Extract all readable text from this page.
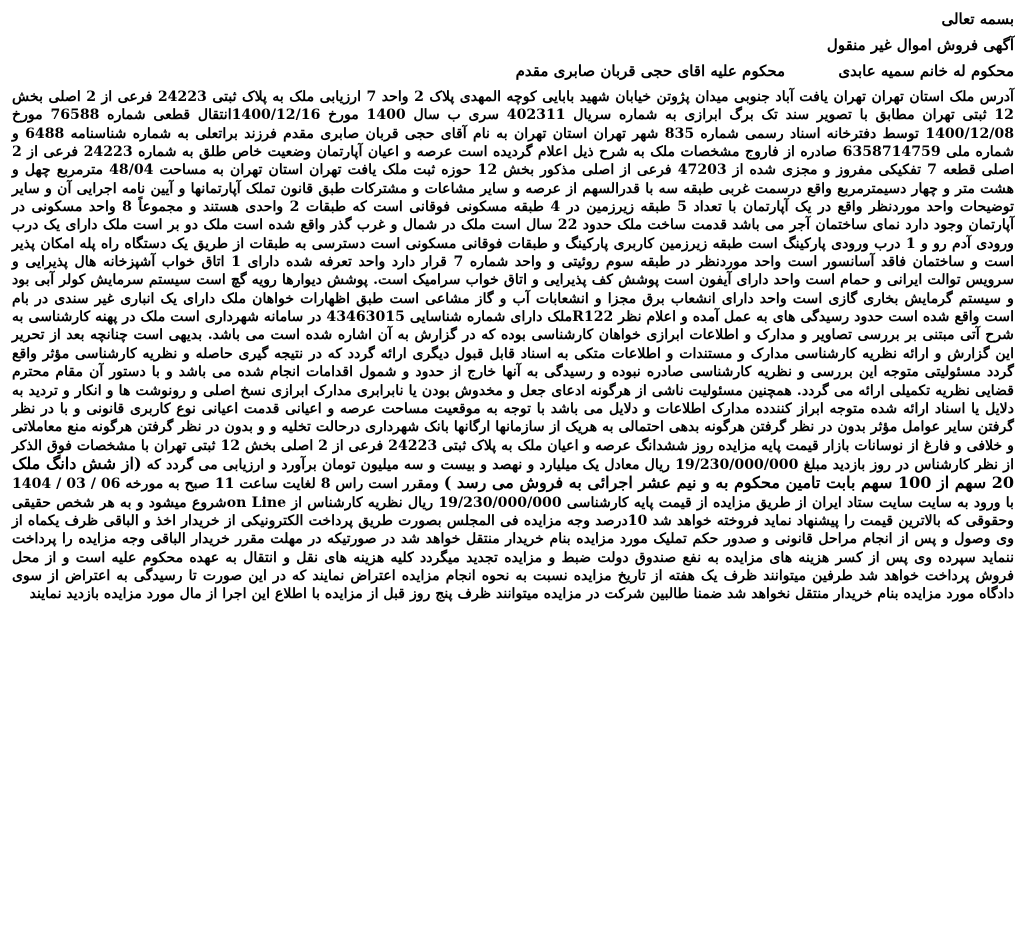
بسمه تعالی
آگهی فروش اموال غیر منقول
محکوم له خانم سمیه عابدی محکوم علیه اقای حجی قربان صابری مقدم
آدرس ملک استان تهران تهران یافت آباد جنوبی میدان پژوتن خیابان شهید بابایی کوچه المهدی پلاک 2 واحد 7 ارزیابی ملک به پلاک ثبتی 24223 فرعی از 2 اصلی بخش 12 ثبتی تهران مطابق با تصویر سند تک برگ ابرازی به شماره سریال 402311 سری ب سال 1400 مورخ 1400/12/16انتقال قطعی شماره 76588 مورخ 1400/12/08 توسط دفترخانه اسناد رسمی شماره 835 شهر تهران استان تهران به نام آقای حجی قربان صابری مقدم فرزند براتعلی به شماره شناسنامه 6488 و شماره ملی 6358714759 صادره از فاروج مشخصات ملک به شرح ذیل اعلام گردیده است عرصه و اعیان آپارتمان وضعیت خاص طلق به شماره 24223 فرعی از 2 اصلی قطعه 7 تفکیکی مفروز و مجزی شده از 47203 فرعی از اصلی مذکور بخش 12 حوزه ثبت ملک یافت تهران استان تهران به مساحت 48/04 مترمربع چهل و هشت متر و چهار دسیمترمربع واقع درسمت غربی طبقه سه با قدرالسهم از عرصه و سایر مشاعات و مشترکات طبق قانون تملک آپارتمانها و آیین نامه اجرایی آن و سایر توضیحات واحد موردنظر واقع در یک آپارتمان با تعداد 5 طبقه زیرزمین در 4 طبقه مسکونی فوقانی است که طبقات 2 واحدی هستند و مجموعاً 8 واحد مسکونی در آپارتمان وجود دارد نمای ساختمان آجر می باشد قدمت ساخت ملک حدود 22 سال است ملک در شمال و غرب گذر واقع شده است ملک دو بر است ملک دارای یک درب ورودی آدم رو و 1 درب ورودی پارکینگ است طبقه زیرزمین کاربری پارکینگ و طبقات فوقانی مسکونی است دسترسی به طبقات از طریق یک دستگاه راه پله امکان پذیر است و ساختمان فاقد آسانسور است واحد موردنظر در طبقه سوم روئیتی و واحد شماره 7 قرار دارد واحد تعرفه شده دارای 1 اتاق خواب آشپزخانه هال پذیرایی و سرویس توالت ایرانی و حمام است واحد دارای آیفون است پوشش کف پذیرایی و اتاق خواب سرامیک است. پوشش دیوارها رویه گچ است سیستم سرمایش کولر آبی بود و سیستم گرمایش بخاری گازی است واحد دارای انشعاب برق مجزا و انشعابات آب و گاز مشاعی است طبق اظهارات خواهان ملک دارای یک انباری غیر سندی در بام است واقع شده است حدود رسیدگی های به عمل آمده و اعلام نظر R122ملک دارای شماره شناسایی 43463015 در سامانه شهرداری است ملک در پهنه کارشناسی به شرح آتی مبتنی بر بررسی تصاویر و مدارک و اطلاعات ابرازی خواهان کارشناسی بوده که در گزارش به آن اشاره شده است می باشد. بدیهی است چنانچه بعد از تحریر این گزارش و ارائه نظریه کارشناسی مدارک و مستندات و اطلاعات متکی به اسناد قابل قبول دیگری ارائه گردد که در نتیجه گیری حاصله و نظریه کارشناسی مؤثر واقع گردد مسئولیتی متوجه این بررسی و نظریه کارشناسی صادره نبوده و رسیدگی به آنها خارج از حدود و شمول اقدامات انجام شده می باشد و با دستور آن مقام محترم قضایی نظریه تکمیلی ارائه می گردد. همچنین مسئولیت ناشی از هرگونه ادعای جعل و مخدوش بودن یا نابرابری مدارک ابرازی نسخ اصلی و رونوشت ها و انکار و تردید به دلایل یا اسناد ارائه شده متوجه ابراز کنندده مدارک اطلاعات و دلایل می باشد با توجه به موقعیت مساحت عرصه و اعیانی قدمت اعیانی نوع کاربری قانونی و با در نظر گرفتن سایر عوامل مؤثر بدون در نظر گرفتن هرگونه بدهی احتمالی به هریک از سازمانها ارگانها بانک شهرداری درحالت تخلیه و و بدون در نظر گرفتن هرگونه منع معاملاتی و خلافی و فارغ از نوسانات بازار قیمت پایه مزایده روز ششدانگ عرصه و اعیان ملک به پلاک ثبتی 24223 فرعی از 2 اصلی بخش 12 ثبتی تهران با مشخصات فوق الذکر از نظر کارشناس در روز بازدید مبلغ 19/230/000/000 ریال معادل یک میلیارد و نهصد و بیست و سه میلیون تومان برآورد و ارزیابی می گردد که (از شش دانگ ملک 20 سهم از 100 سهم بابت تامین محکوم به و نیم عشر اجرائی به فروش می رسد ) ومقرر است راس 8 لغایت ساعت 11 صبح به مورخه 06 / 03 / 1404 با ورود به سایت سایت ستاد ایران از طریق مزایده از قیمت پایه کارشناسی 19/230/000/000 ریال نظریه کارشناس از on Lineشروع میشود و به هر شخص حقیقی وحقوقی که بالاترین قیمت را پیشنهاد نماید فروخته خواهد شد 10درصد وجه مزایده فی المجلس بصورت طریق پرداخت الکترونیکی از خریدار اخذ و الباقی ظرف یکماه از وی وصول و پس از انجام مراحل قانونی و صدور حکم تملیک مورد مزایده بنام خریدار منتقل خواهد شد در صورتیکه در مهلت مقرر خریدار الباقی وجه مزایده را پرداخت ننماید سپرده وی پس از کسر هزینه های مزایده به نفع صندوق دولت ضبط و مزایده تجدید میگردد کلیه هزینه های نقل و انتقال به عهده محکوم علیه است و از محل فروش پرداخت خواهد شد طرفین میتوانند ظرف یک هفته از تاریخ مزایده نسبت به نحوه انجام مزایده اعتراض نمایند که در این صورت تا رسیدگی به اعتراض از سوی دادگاه مورد مزایده بنام خریدار منتقل نخواهد شد ضمنا طالبین شرکت در مزایده میتوانند ظرف پنج روز قبل از مزایده با اطلاع این اجرا از مال مورد مزایده بازدید نمایند
